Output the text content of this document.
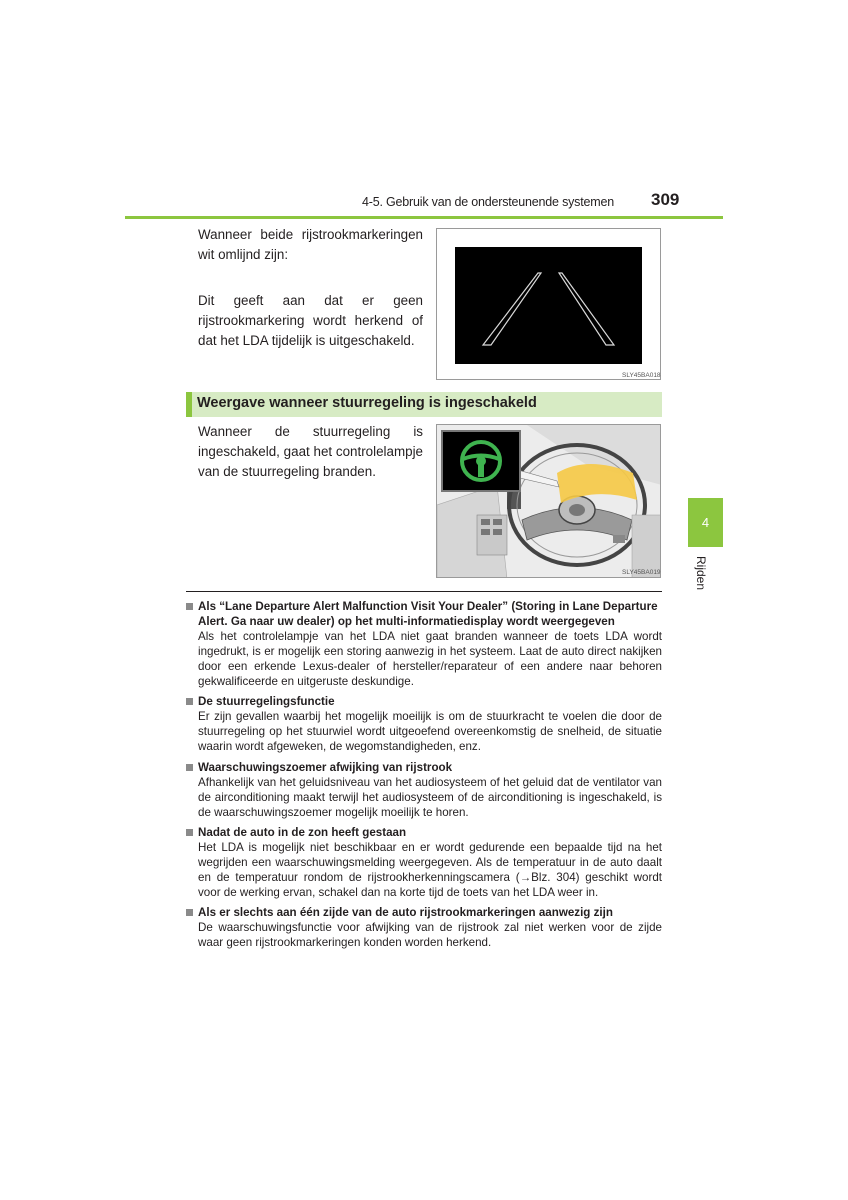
4-5. Gebruik van de ondersteunende systemen 309
4
Rijden
Wanneer beide rijstrookmarkeringen wit omlijnd zijn:
Dit geeft aan dat er geen rijstrookmarkering wordt herkend of dat het LDA tijdelijk is uitgeschakeld.
SLY45BA018
Weergave wanneer stuurregeling is ingeschakeld
Wanneer de stuurregeling is ingeschakeld, gaat het controlelampje van de stuurregeling branden.
SLY45BA019
Als “Lane Departure Alert Malfunction Visit Your Dealer” (Storing in Lane Departure Alert. Ga naar uw dealer) op het multi-informatiedisplay wordt weergegeven
Als het controlelampje van het LDA niet gaat branden wanneer de toets LDA wordt ingedrukt, is er mogelijk een storing aanwezig in het systeem. Laat de auto direct nakijken door een erkende Lexus-dealer of hersteller/reparateur of een andere naar behoren gekwalificeerde en uitgeruste deskundige.
De stuurregelingsfunctie
Er zijn gevallen waarbij het mogelijk moeilijk is om de stuurkracht te voelen die door de stuurregeling op het stuurwiel wordt uitgeoefend overeenkomstig de snelheid, de situatie waarin wordt afgeweken, de wegomstandigheden, enz.
Waarschuwingszoemer afwijking van rijstrook
Afhankelijk van het geluidsniveau van het audiosysteem of het geluid dat de ventilator van de airconditioning maakt terwijl het audiosysteem of de airconditioning is ingeschakeld, is de waarschuwingszoemer mogelijk moeilijk te horen.
Nadat de auto in de zon heeft gestaan
Het LDA is mogelijk niet beschikbaar en er wordt gedurende een bepaalde tijd na het wegrijden een waarschuwingsmelding weergegeven. Als de temperatuur in de auto daalt en de temperatuur rondom de rijstrookherkenningscamera (→Blz. 304) geschikt wordt voor de werking ervan, schakel dan na korte tijd de toets van het LDA weer in.
Als er slechts aan één zijde van de auto rijstrookmarkeringen aanwezig zijn
De waarschuwingsfunctie voor afwijking van de rijstrook zal niet werken voor de zijde waar geen rijstrookmarkeringen konden worden herkend.
